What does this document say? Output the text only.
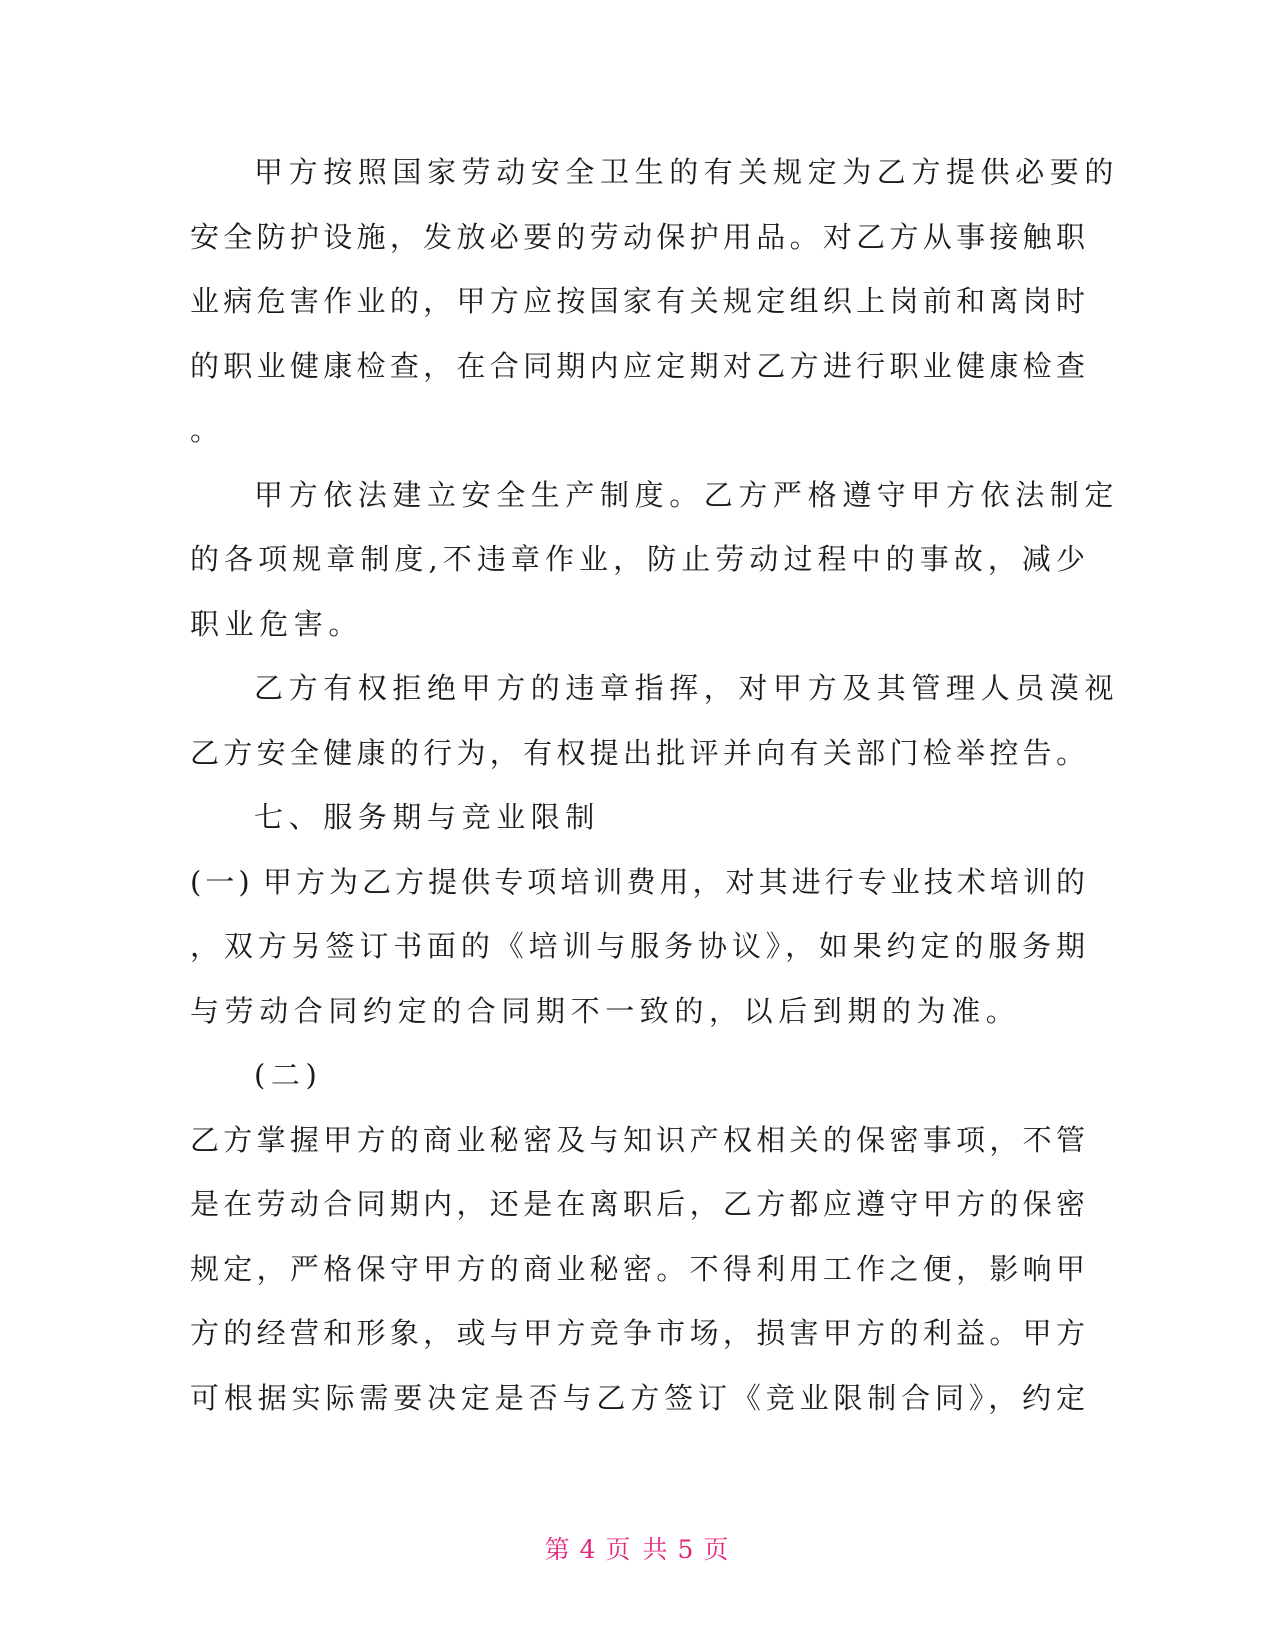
甲方按照国家劳动安全卫生的有关规定为乙方提供必要的
安全防护设施，发放必要的劳动保护用品。对乙方从事接触职
业病危害作业的，甲方应按国家有关规定组织上岗前和离岗时
的职业健康检查，在合同期内应定期对乙方进行职业健康检查
。
甲方依法建立安全生产制度。乙方严格遵守甲方依法制定
的各项规章制度,不违章作业，防止劳动过程中的事故，减少
职业危害。
乙方有权拒绝甲方的违章指挥，对甲方及其管理人员漠视
乙方安全健康的行为，有权提出批评并向有关部门检举控告。
七、服务期与竞业限制
(一) 甲方为乙方提供专项培训费用，对其进行专业技术培训的
，双方另签订书面的《培训与服务协议》，如果约定的服务期
与劳动合同约定的合同期不一致的，以后到期的为准。
(二)
乙方掌握甲方的商业秘密及与知识产权相关的保密事项，不管
是在劳动合同期内，还是在离职后，乙方都应遵守甲方的保密
规定，严格保守甲方的商业秘密。不得利用工作之便，影响甲
方的经营和形象，或与甲方竞争市场，损害甲方的利益。甲方
可根据实际需要决定是否与乙方签订《竞业限制合同》，约定
第 4 页 共 5 页
